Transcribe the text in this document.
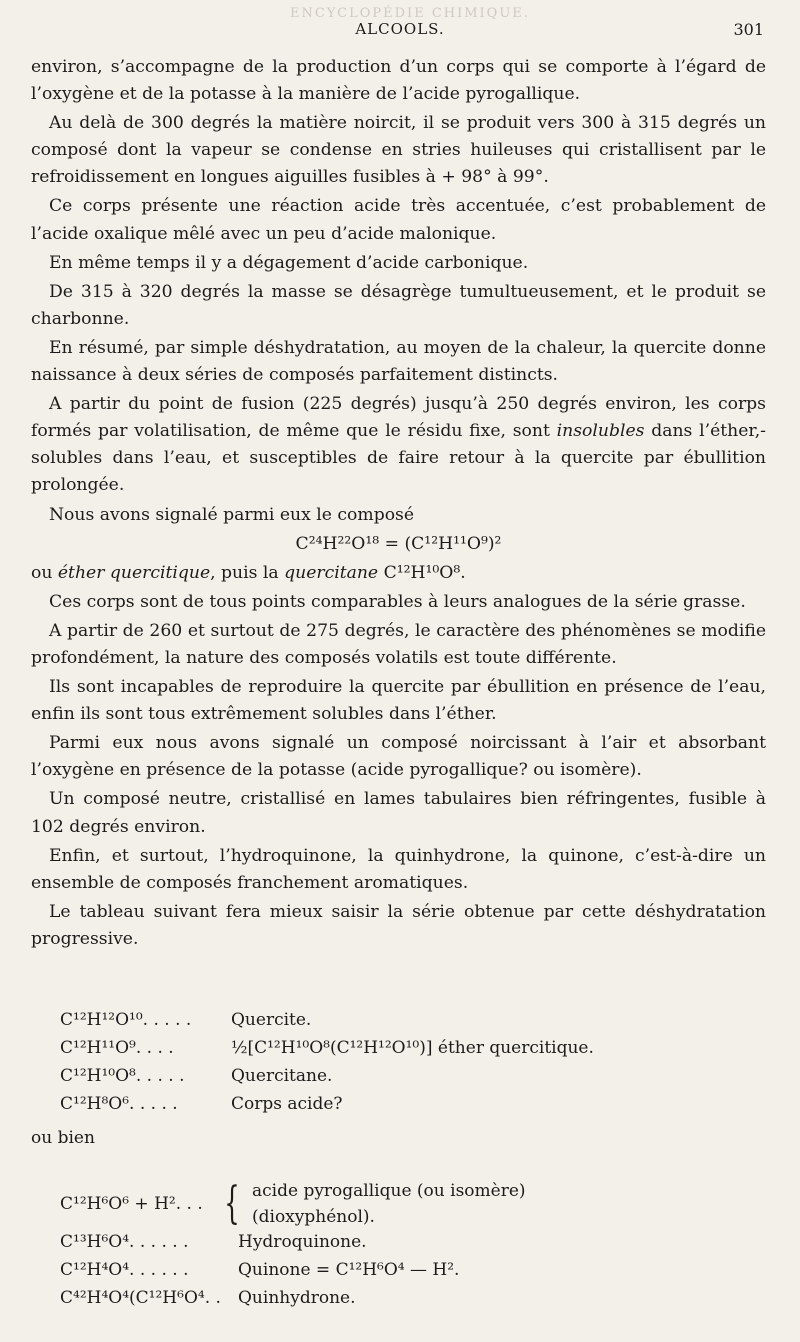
ENCYCLOPÉDIE CHIMIQUE.
ALCOOLS.	301

environ, s’accompagne de la production d’un corps qui se comporte à l’égard de l’oxygène et de la potasse à la manière de l’acide pyrogallique.

Au delà de 300 degrés la matière noircit, il se produit vers 300 à 315 degrés un composé dont la vapeur se condense en stries huileuses qui cristallisent par le refroidissement en longues aiguilles fusibles à + 98° à 99°.

Ce corps présente une réaction acide très accentuée, c’est probablement de l’acide oxalique mêlé avec un peu d’acide malonique.

En même temps il y a dégagement d’acide carbonique.

De 315 à 320 degrés la masse se désagrège tumultueusement, et le produit se charbonne.

En résumé, par simple déshydratation, au moyen de la chaleur, la quercite donne naissance à deux séries de composés parfaitement distincts.

A partir du point de fusion (225 degrés) jusqu’à 250 degrés environ, les corps formés par volatilisation, de même que le résidu fixe, sont insolubles dans l’éther,-solubles dans l’eau, et susceptibles de faire retour à la quercite par ébullition prolongée.

Nous avons signalé parmi eux le composé

C²⁴H²²O¹⁸ = (C¹²H¹¹O⁹)²

ou éther quercitique, puis la quercitane C¹²H¹⁰O⁸.

Ces corps sont de tous points comparables à leurs analogues de la série grasse.

A partir de 260 et surtout de 275 degrés, le caractère des phénomènes se modifie profondément, la nature des composés volatils est toute différente.

Ils sont incapables de reproduire la quercite par ébullition en présence de l’eau, enfin ils sont tous extrêmement solubles dans l’éther.

Parmi eux nous avons signalé un composé noircissant à l’air et absorbant l’oxygène en présence de la potasse (acide pyrogallique? ou isomère).

Un composé neutre, cristallisé en lames tabulaires bien réfringentes, fusible à 102 degrés environ.

Enfin, et surtout, l’hydroquinone, la quinhydrone, la quinone, c’est-à-dire un ensemble de composés franchement aromatiques.

Le tableau suivant fera mieux saisir la série obtenue par cette déshydratation progressive.

C¹²H¹²O¹⁰. . . . .	Quercite.
C¹²H¹¹O⁹. . . .	½[C¹²H¹⁰O⁸(C¹²H¹²O¹⁰)] éther quercitique.
C¹²H¹⁰O⁸. . . . .	Quercitane.
C¹²H⁸O⁶. . . . .	Corps acide?
ou bien
C¹²H⁶O⁶ + H². . . { acide pyrogallique (ou isomère)
(dioxyphénol).
C¹³H⁶O⁴. . . . . .	Hydroquinone.
C¹²H⁴O⁴. . . . . .	Quinone = C¹²H⁶O⁴ — H².
C⁴²H⁴O⁴(C¹²H⁶O⁴. .	Quinhydrone.
